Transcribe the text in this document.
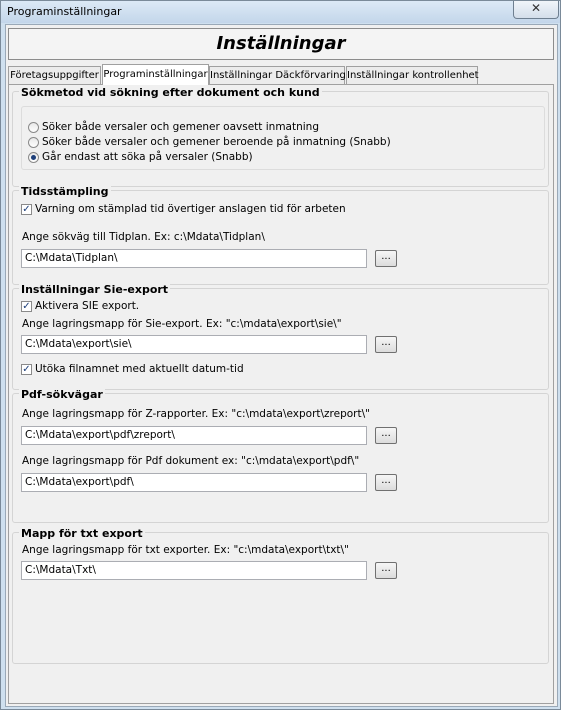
Programinställningar	✕
Inställningar
Företagsuppgifter Programinställningar Inställningar Däckförvaring Inställningar kontrollenhet
Sökmetod vid sökning efter dokument och kund
Söker både versaler och gemener oavsett inmatning
Söker både versaler och gemener beroende på inmatning (Snabb)
Går endast att söka på versaler (Snabb)
Tidsstämpling
✓ Varning om stämplad tid övertiger anslagen tid för arbeten
Ange sökväg till Tidplan. Ex: c:\Mdata\Tidplan\
C:\Mdata\Tidplan\	...
Inställningar Sie-export
✓ Aktivera SIE export.
Ange lagringsmapp för Sie-export. Ex: "c:\mdata\export\sie\"
C:\Mdata\export\sie\	...
✓ Utöka filnamnet med aktuellt datum-tid
Pdf-sökvägar
Ange lagringsmapp för Z-rapporter. Ex: "c:\mdata\export\zreport\"
C:\Mdata\export\pdf\zreport\	...
Ange lagringsmapp för Pdf dokument ex: "c:\mdata\export\pdf\"
C:\Mdata\export\pdf\	...
Mapp för txt export
Ange lagringsmapp för txt exporter. Ex: "c:\mdata\export\txt\"
C:\Mdata\Txt\	...
